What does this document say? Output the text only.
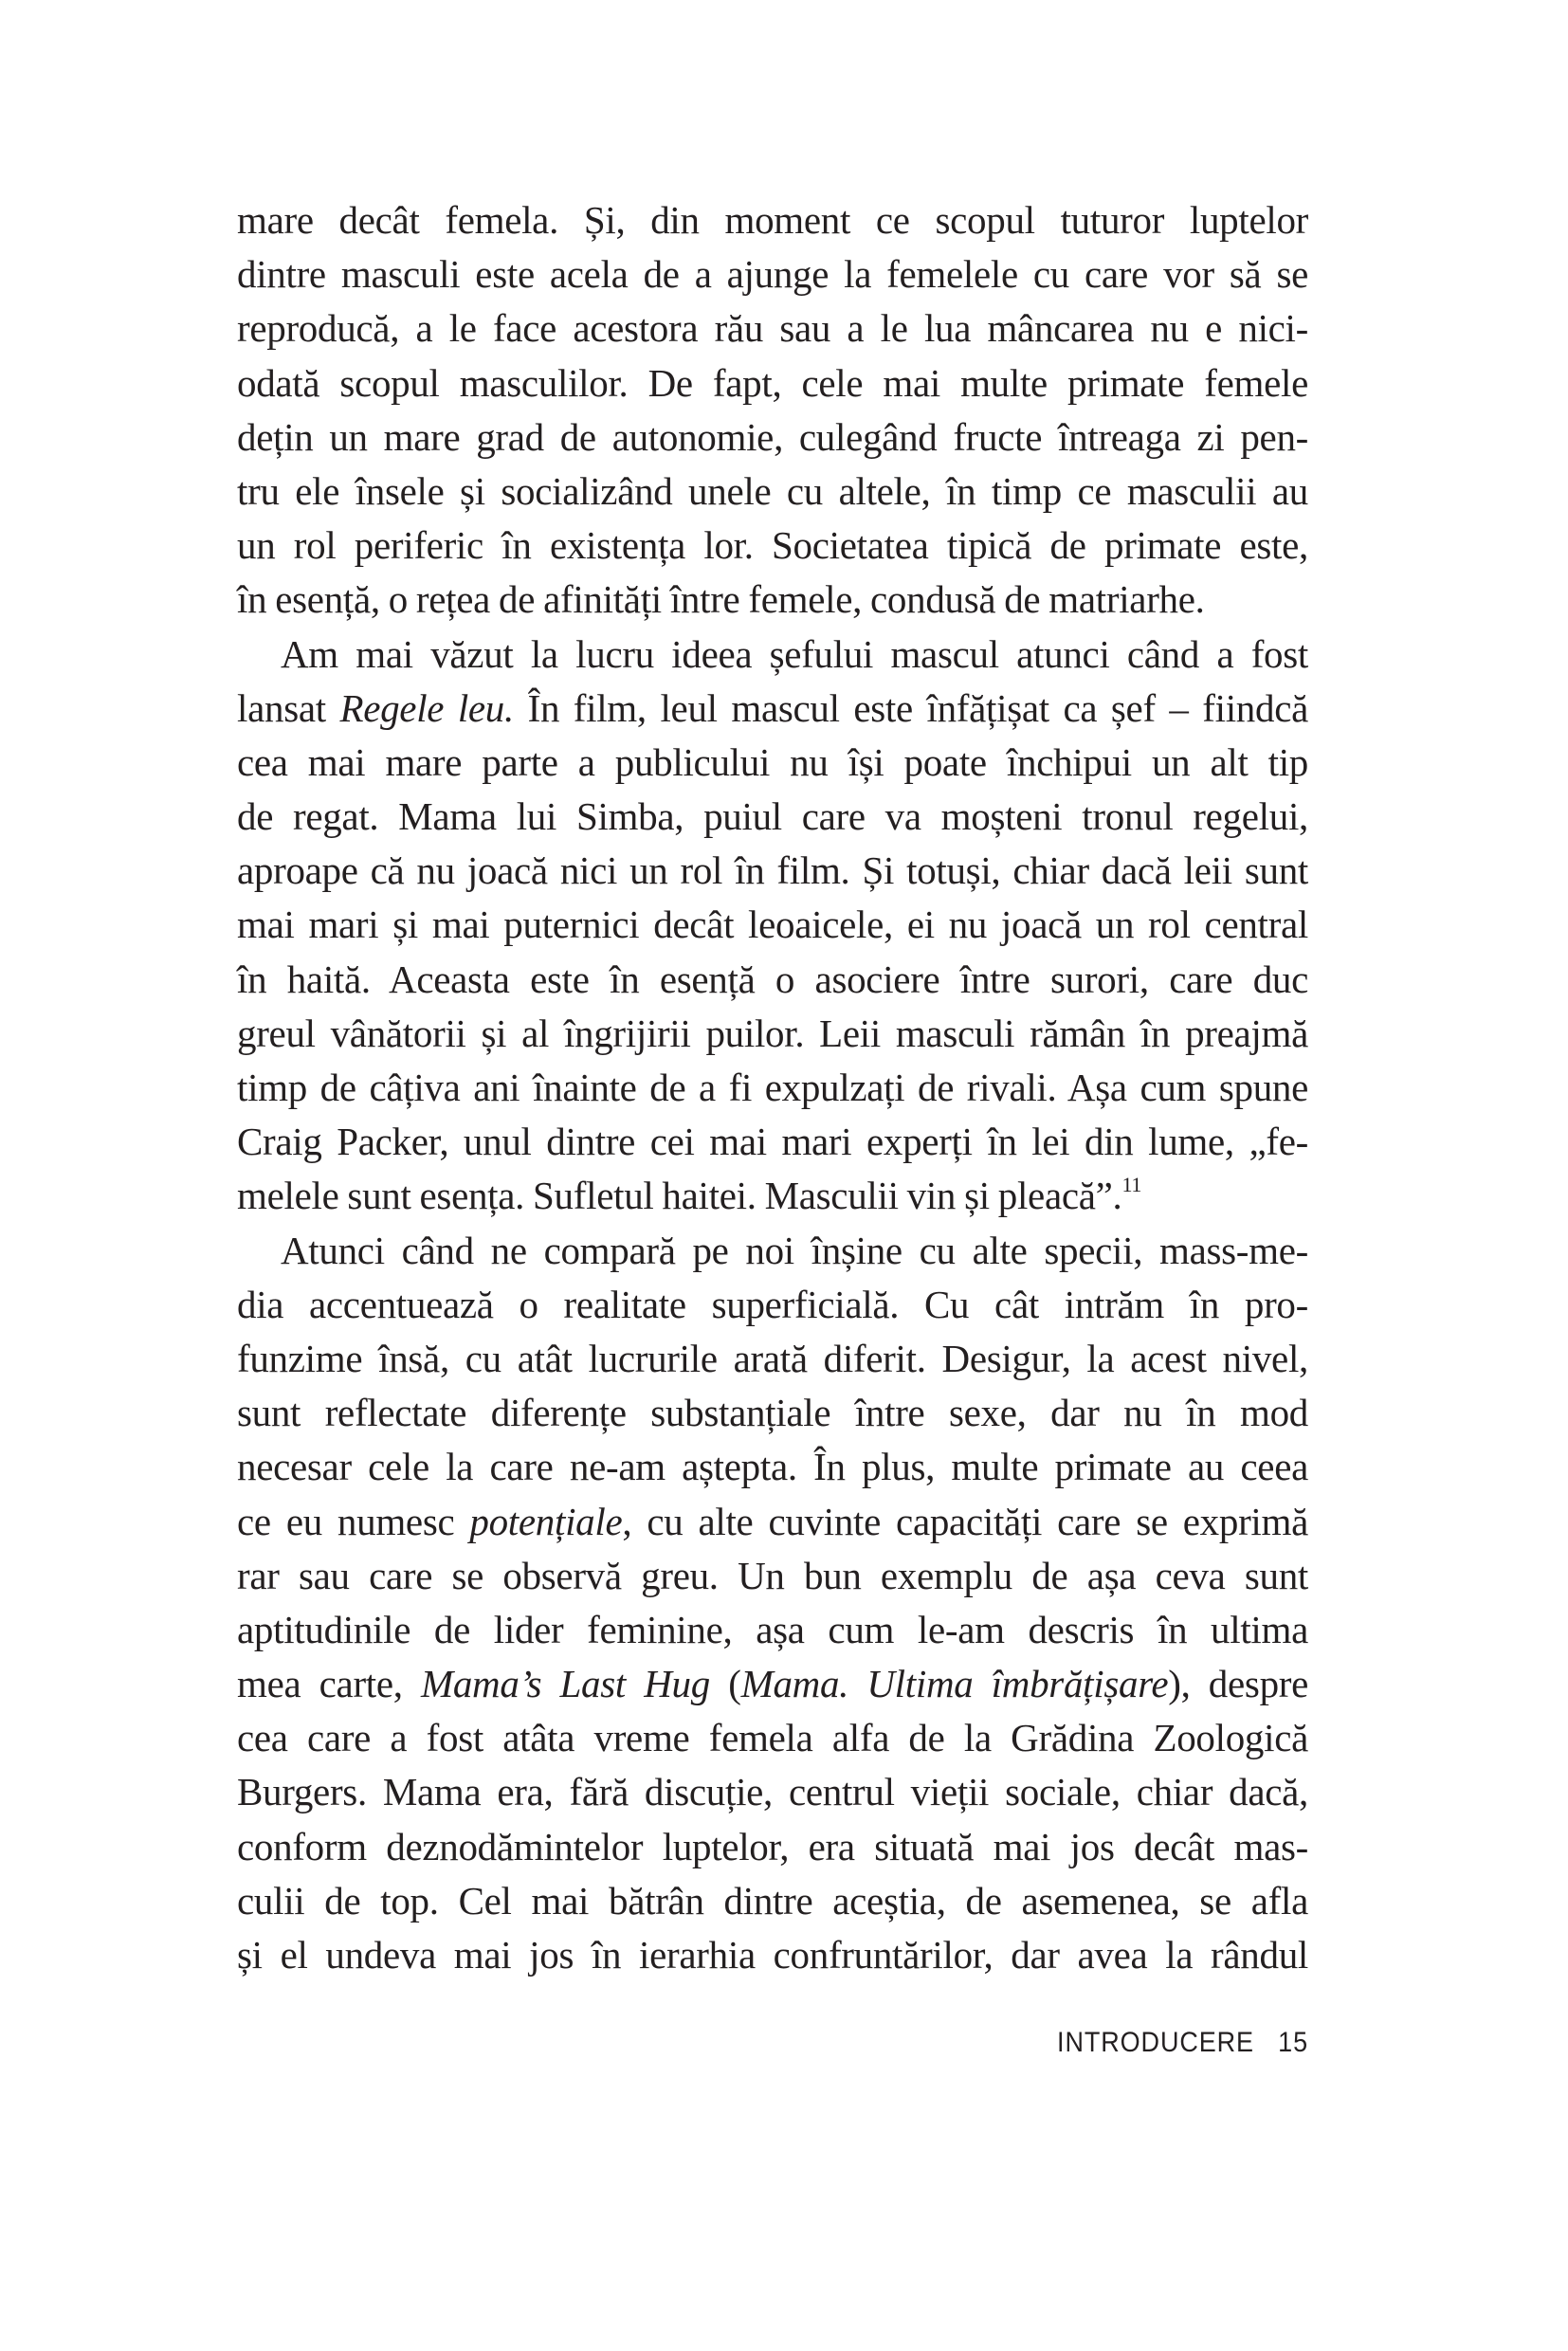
mare decât femela. Și, din moment ce scopul tuturor luptelor
dintre masculi este acela de a ajunge la femelele cu care vor să se
reproducă, a le face acestora rău sau a le lua mâncarea nu e nici-
odată scopul masculilor. De fapt, cele mai multe primate femele
dețin un mare grad de autonomie, culegând fructe întreaga zi pen-
tru ele însele și socializând unele cu altele, în timp ce masculii au
un rol periferic în existența lor. Societatea tipică de primate este,
în esență, o rețea de afinități între femele, condusă de matriarhe.
Am mai văzut la lucru ideea șefului mascul atunci când a fost
lansat Regele leu. În film, leul mascul este înfățișat ca șef – fiindcă
cea mai mare parte a publicului nu își poate închipui un alt tip
de regat. Mama lui Simba, puiul care va moșteni tronul regelui,
aproape că nu joacă nici un rol în film. Și totuși, chiar dacă leii sunt
mai mari și mai puternici decât leoaicele, ei nu joacă un rol central
în haită. Aceasta este în esență o asociere între surori, care duc
greul vânătorii și al îngrijirii puilor. Leii masculi rămân în preajmă
timp de câțiva ani înainte de a fi expulzați de rivali. Așa cum spune
Craig Packer, unul dintre cei mai mari experți în lei din lume, „fe-
melele sunt esența. Sufletul haitei. Masculii vin și pleacă”.$^{11}$
Atunci când ne compară pe noi înșine cu alte specii, mass-me-
dia accentuează o realitate superficială. Cu cât intrăm în pro-
funzime însă, cu atât lucrurile arată diferit. Desigur, la acest nivel,
sunt reflectate diferențe substanțiale între sexe, dar nu în mod
necesar cele la care ne-am aștepta. În plus, multe primate au ceea
ce eu numesc potențiale, cu alte cuvinte capacități care se exprimă
rar sau care se observă greu. Un bun exemplu de așa ceva sunt
aptitudinile de lider feminine, așa cum le-am descris în ultima
mea carte, Mama’s Last Hug (Mama. Ultima îmbrățișare), despre
cea care a fost atâta vreme femela alfa de la Grădina Zoologică
Burgers. Mama era, fără discuție, centrul vieții sociale, chiar dacă,
conform deznodămintelor luptelor, era situată mai jos decât mas-
culii de top. Cel mai bătrân dintre aceștia, de asemenea, se afla
și el undeva mai jos în ierarhia confruntărilor, dar avea la rândul
INTRODUCERE 15
